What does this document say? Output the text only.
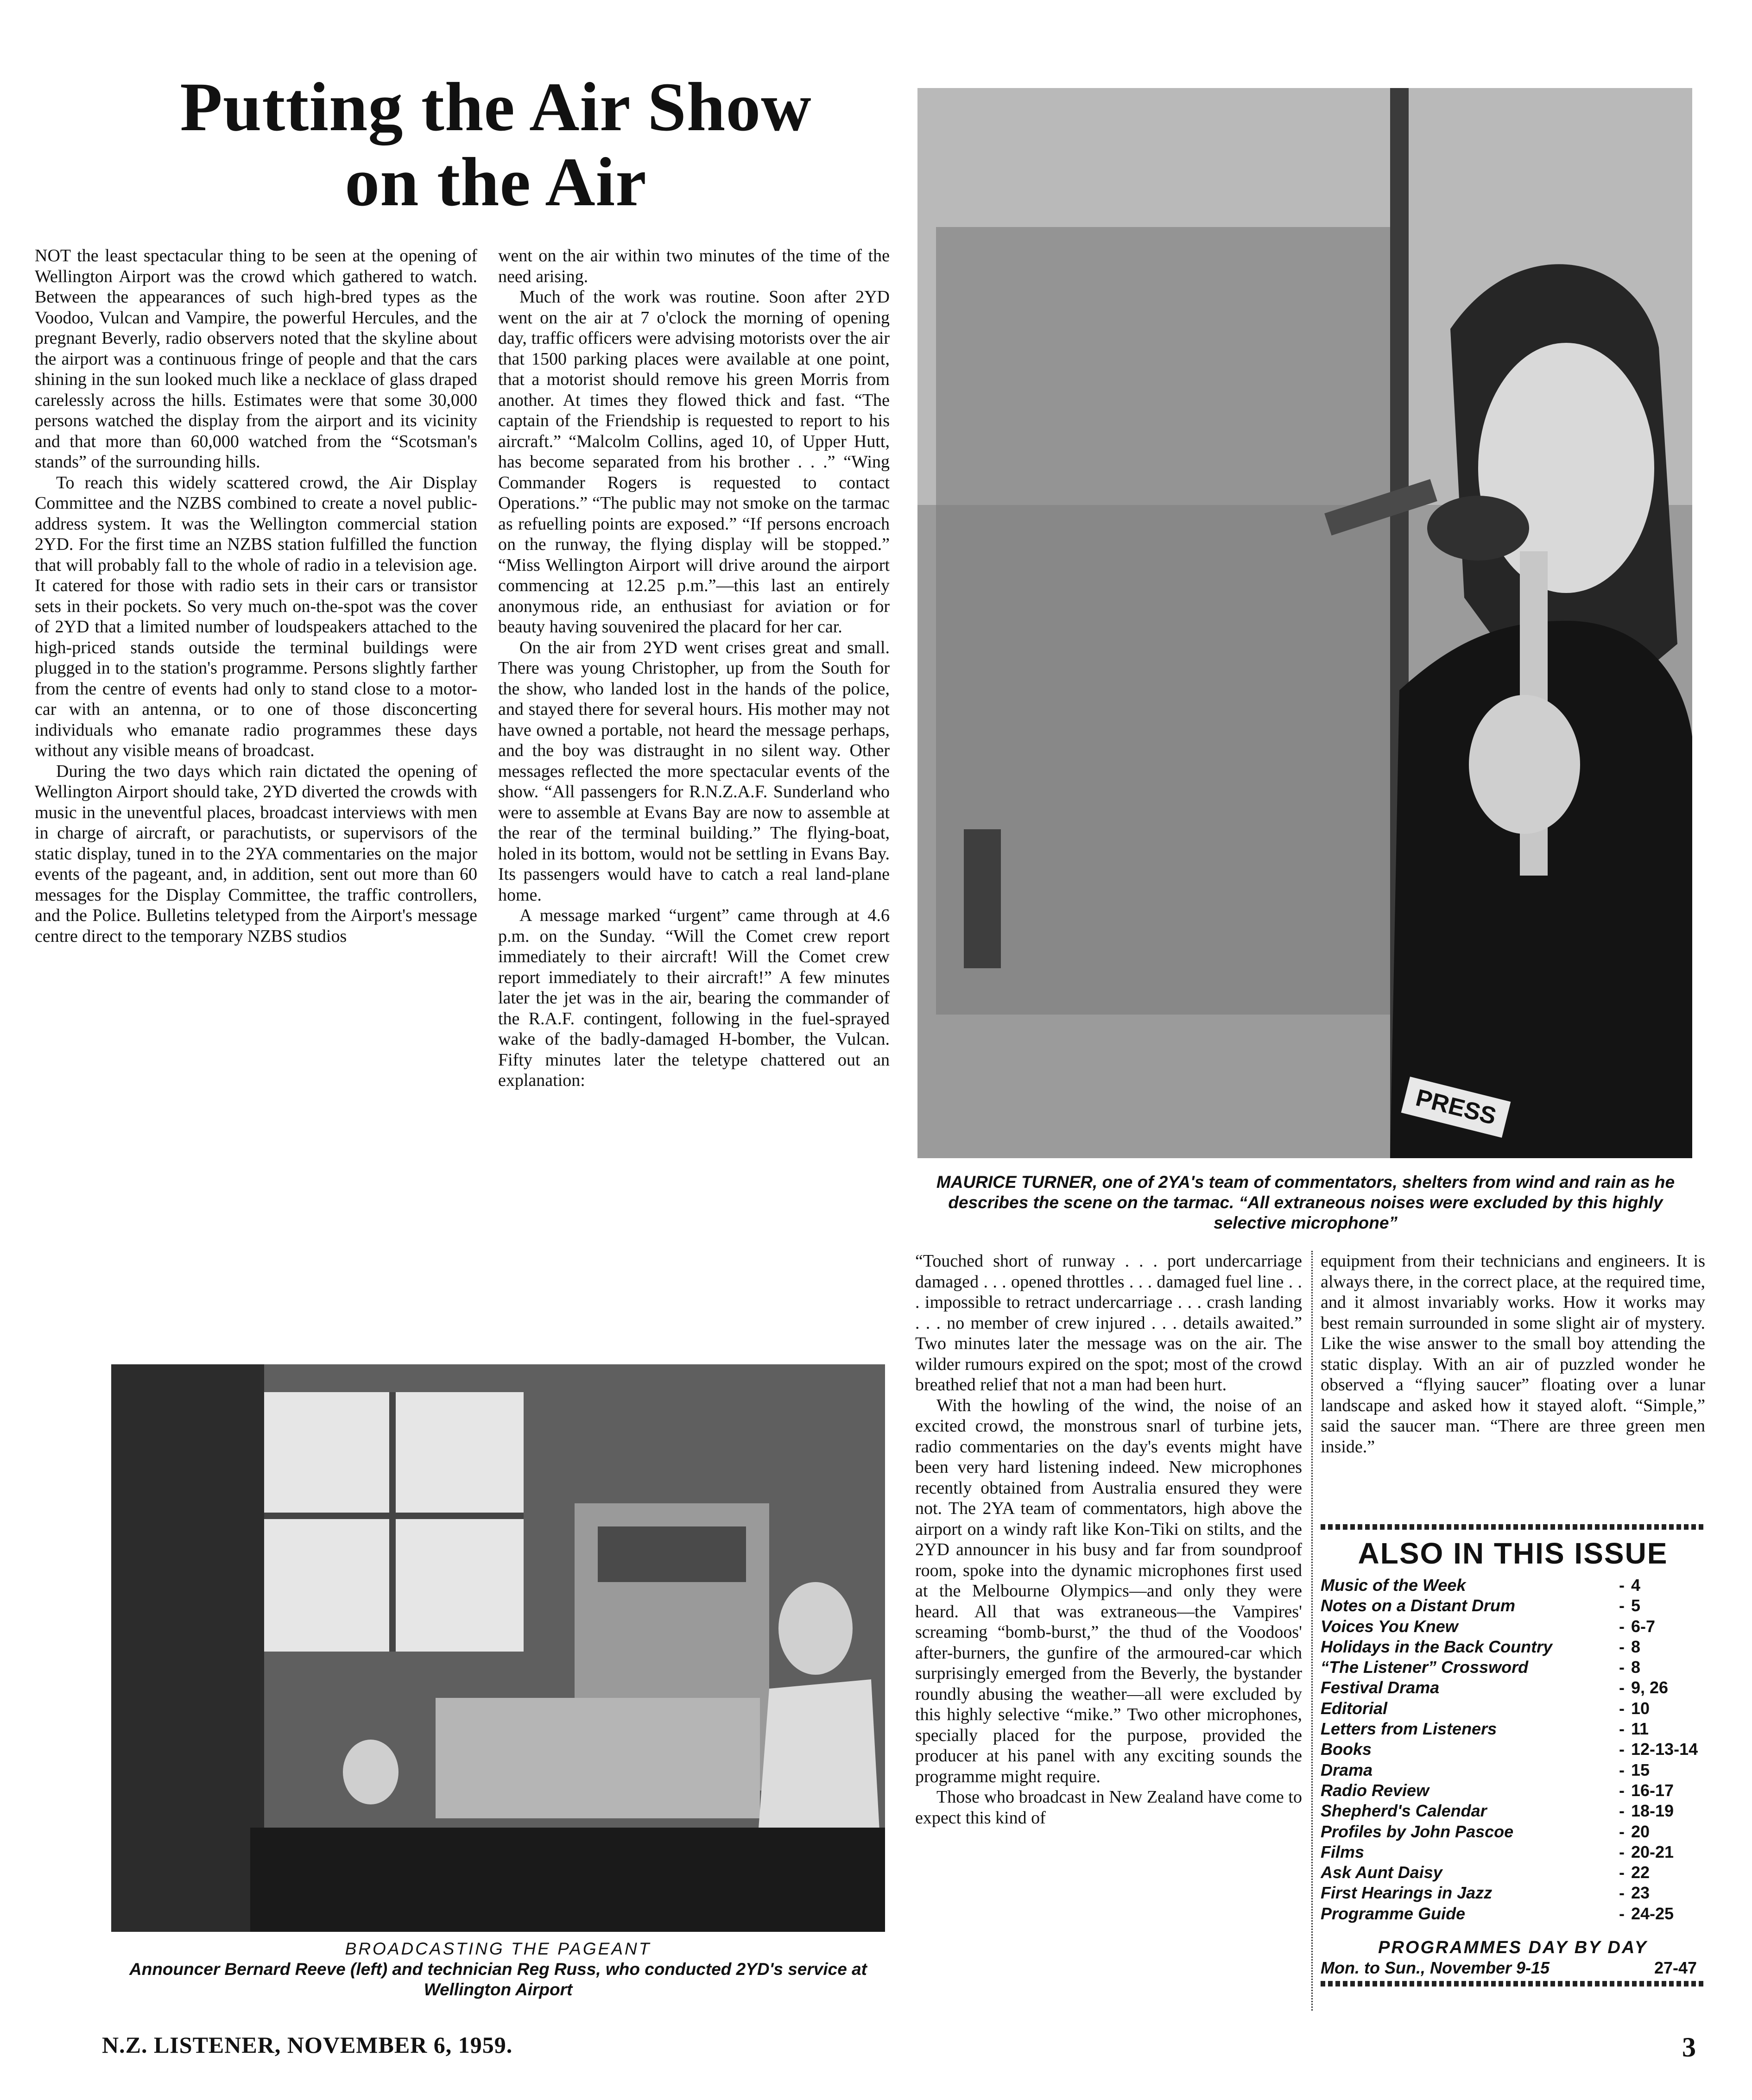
Putting the Air Show
on the Air

NOT the least spectacular thing to be seen at the opening of Wellington Airport was the crowd which gathered to watch. Between the appearances of such high-bred types as the Voodoo, Vulcan and Vampire, the powerful Hercules, and the pregnant Beverly, radio observers noted that the skyline about the airport was a continuous fringe of people and that the cars shining in the sun looked much like a necklace of glass draped carelessly across the hills. Estimates were that some 30,000 persons watched the display from the airport and its vicinity and that more than 60,000 watched from the “Scotsman's stands” of the surrounding hills.

To reach this widely scattered crowd, the Air Display Committee and the NZBS combined to create a novel public-address system. It was the Wellington commercial station 2YD. For the first time an NZBS station fulfilled the function that will probably fall to the whole of radio in a television age. It catered for those with radio sets in their cars or transistor sets in their pockets. So very much on-the-spot was the cover of 2YD that a limited number of loudspeakers attached to the high-priced stands outside the terminal buildings were plugged in to the station's programme. Persons slightly farther from the centre of events had only to stand close to a motor-car with an antenna, or to one of those disconcerting individuals who emanate radio programmes these days without any visible means of broadcast.

During the two days which rain dictated the opening of Wellington Airport should take, 2YD diverted the crowds with music in the uneventful places, broadcast interviews with men in charge of aircraft, or parachutists, or supervisors of the static display, tuned in to the 2YA commentaries on the major events of the pageant, and, in addition, sent out more than 60 messages for the Display Committee, the traffic controllers, and the Police. Bulletins teletyped from the Airport's message centre direct to the temporary NZBS studios

went on the air within two minutes of the time of the need arising.

Much of the work was routine. Soon after 2YD went on the air at 7 o'clock the morning of opening day, traffic officers were advising motorists over the air that 1500 parking places were available at one point, that a motorist should remove his green Morris from another. At times they flowed thick and fast. “The captain of the Friendship is requested to report to his aircraft.” “Malcolm Collins, aged 10, of Upper Hutt, has become separated from his brother . . .” “Wing Commander Rogers is requested to contact Operations.” “The public may not smoke on the tarmac as refuelling points are exposed.” “If persons encroach on the runway, the flying display will be stopped.” “Miss Wellington Airport will drive around the airport commencing at 12.25 p.m.”—this last an entirely anonymous ride, an enthusiast for aviation or for beauty having souvenired the placard for her car.

On the air from 2YD went crises great and small. There was young Christopher, up from the South for the show, who landed lost in the hands of the police, and stayed there for several hours. His mother may not have owned a portable, not heard the message perhaps, and the boy was distraught in no silent way. Other messages reflected the more spectacular events of the show. “All passengers for R.N.Z.A.F. Sunderland who were to assemble at Evans Bay are now to assemble at the rear of the terminal building.” The flying-boat, holed in its bottom, would not be settling in Evans Bay. Its passengers would have to catch a real land-plane home.

A message marked “urgent” came through at 4.6 p.m. on the Sunday. “Will the Comet crew report immediately to their aircraft! Will the Comet crew report immediately to their aircraft!” A few minutes later the jet was in the air, bearing the commander of the R.A.F. contingent, following in the fuel-sprayed wake of the badly-damaged H-bomber, the Vulcan. Fifty minutes later the teletype chattered out an explanation:

PRESS
MAURICE TURNER, one of 2YA's team of commentators, shelters from wind and rain as he describes the scene on the tarmac. “All extraneous noises were excluded by this highly selective microphone”

“Touched short of runway . . . port undercarriage damaged . . . opened throttles . . . damaged fuel line . . . impossible to retract undercarriage . . . crash landing . . . no member of crew injured . . . details awaited.” Two minutes later the message was on the air. The wilder rumours expired on the spot; most of the crowd breathed relief that not a man had been hurt.

With the howling of the wind, the noise of an excited crowd, the monstrous snarl of turbine jets, radio commentaries on the day's events might have been very hard listening indeed. New microphones recently obtained from Australia ensured they were not. The 2YA team of commentators, high above the airport on a windy raft like Kon-Tiki on stilts, and the 2YD announcer in his busy and far from soundproof room, spoke into the dynamic microphones first used at the Melbourne Olympics—and only they were heard. All that was extraneous—the Vampires' screaming “bomb-burst,” the thud of the Voodoos' after-burners, the gunfire of the armoured-car which surprisingly emerged from the Beverly, the bystander roundly abusing the weather—all were excluded by this highly selective “mike.” Two other microphones, specially placed for the purpose, provided the producer at his panel with any exciting sounds the programme might require.

Those who broadcast in New Zealand have come to expect this kind of

equipment from their technicians and engineers. It is always there, in the correct place, at the required time, and it almost invariably works. How it works may best remain surrounded in some slight air of mystery. Like the wise answer to the small boy attending the static display. With an air of puzzled wonder he observed a “flying saucer” floating over a lunar landscape and asked how it stayed aloft. “Simple,” said the saucer man. “There are three green men inside.”

ALSO IN THIS ISSUE
Music of the Week	- 4
Notes on a Distant Drum	- 5
Voices You Knew	- 6-7
Holidays in the Back Country	- 8
“The Listener” Crossword	- 8
Festival Drama	- 9, 26
Editorial	- 10
Letters from Listeners	- 11
Books	- 12-13-14
Drama	- 15
Radio Review	- 16-17
Shepherd's Calendar	- 18-19
Profiles by John Pascoe	- 20
Films	- 20-21
Ask Aunt Daisy	- 22
First Hearings in Jazz	- 23
Programme Guide	- 24-25
PROGRAMMES DAY BY DAY
Mon. to Sun., November 9-15	27-47
BROADCASTING THE PAGEANT
Announcer Bernard Reeve (left) and technician Reg Russ, who conducted 2YD's service at Wellington Airport
N.Z. LISTENER, NOVEMBER 6, 1959.	3
